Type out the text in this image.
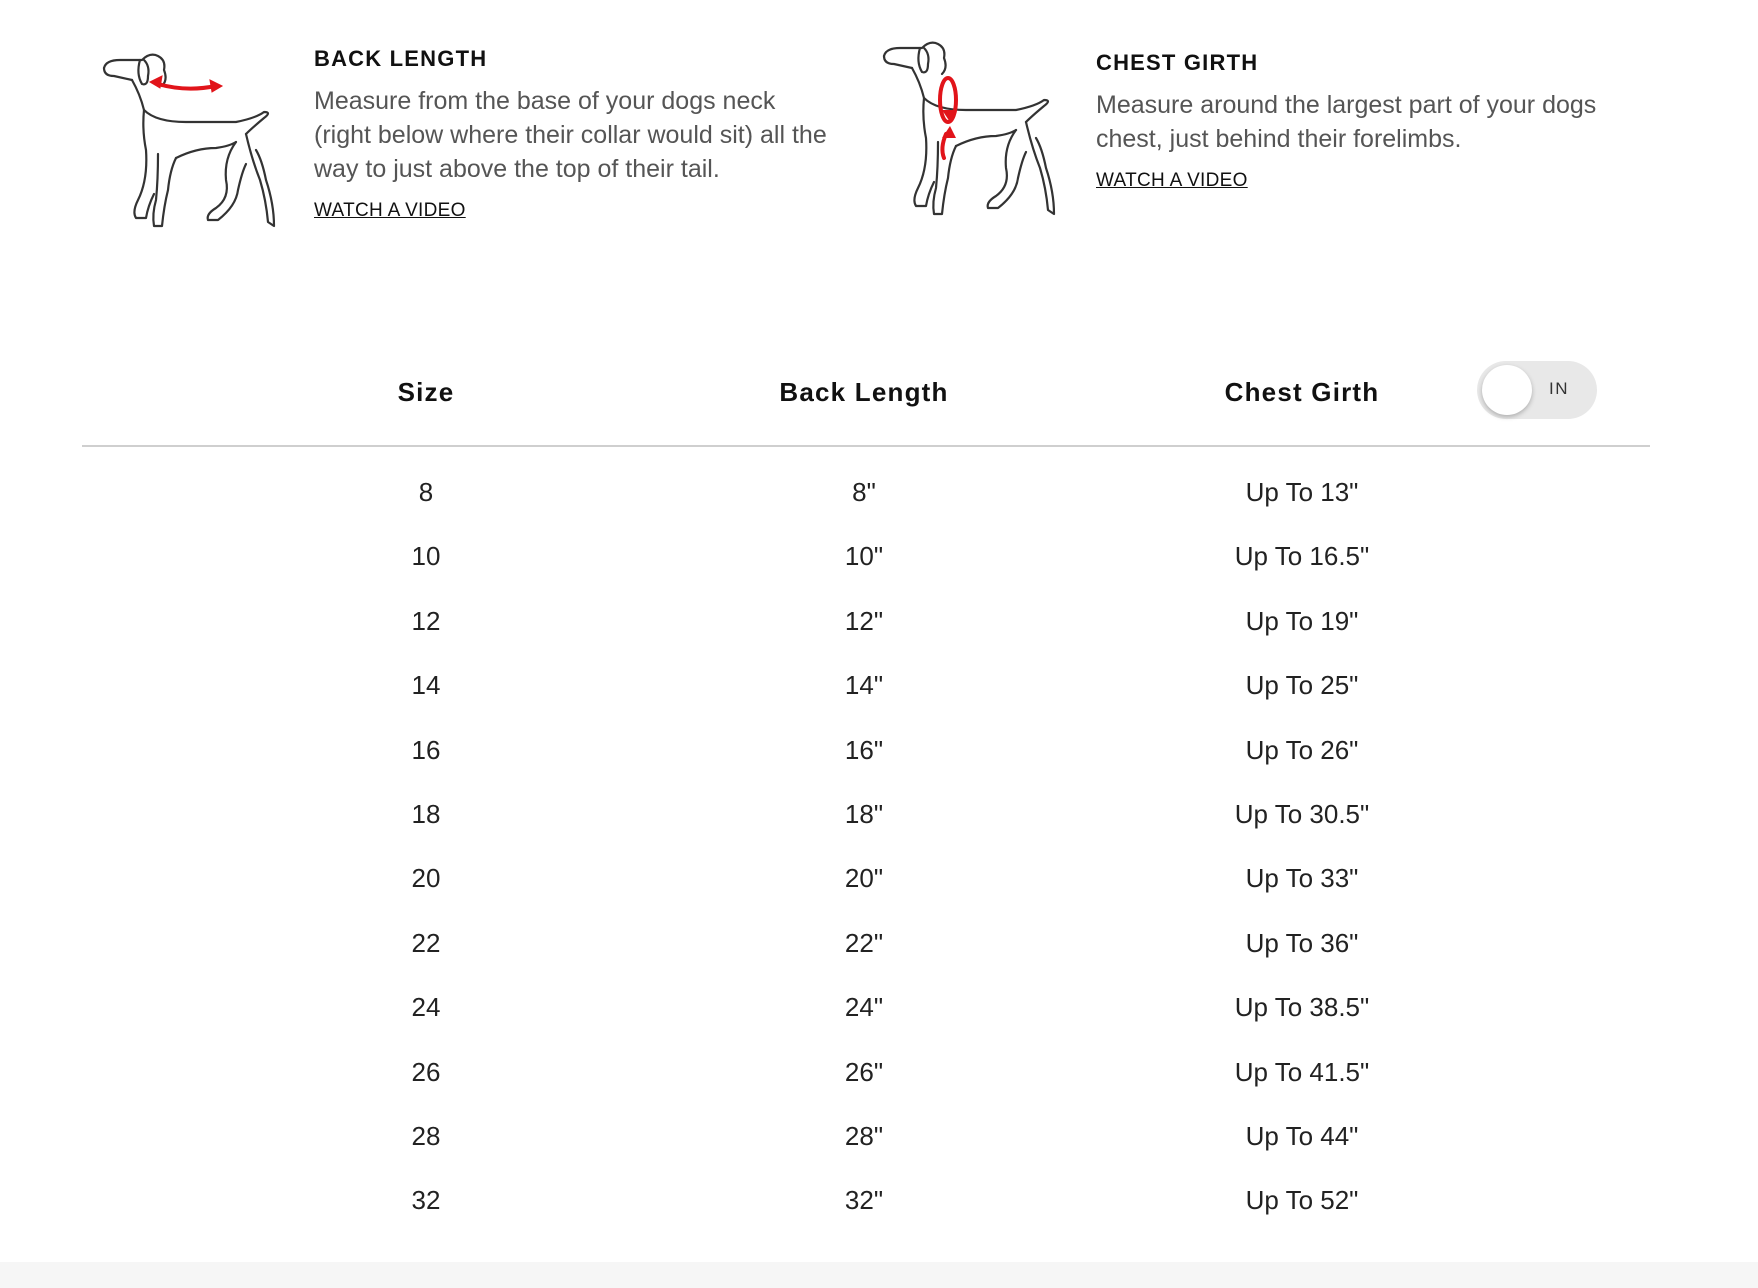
BACK LENGTH
Measure from the base of your dogs neck (right below where their collar would sit) all the way to just above the top of their tail.
WATCH A VIDEO
CHEST GIRTH
Measure around the largest part of your dogs chest, just behind their forelimbs.
WATCH A VIDEO
Size	Back Length	Chest Girth	IN
8	8"	Up To 13"
10	10"	Up To 16.5"
12	12"	Up To 19"
14	14"	Up To 25"
16	16"	Up To 26"
18	18"	Up To 30.5"
20	20"	Up To 33"
22	22"	Up To 36"
24	24"	Up To 38.5"
26	26"	Up To 41.5"
28	28"	Up To 44"
32	32"	Up To 52"
